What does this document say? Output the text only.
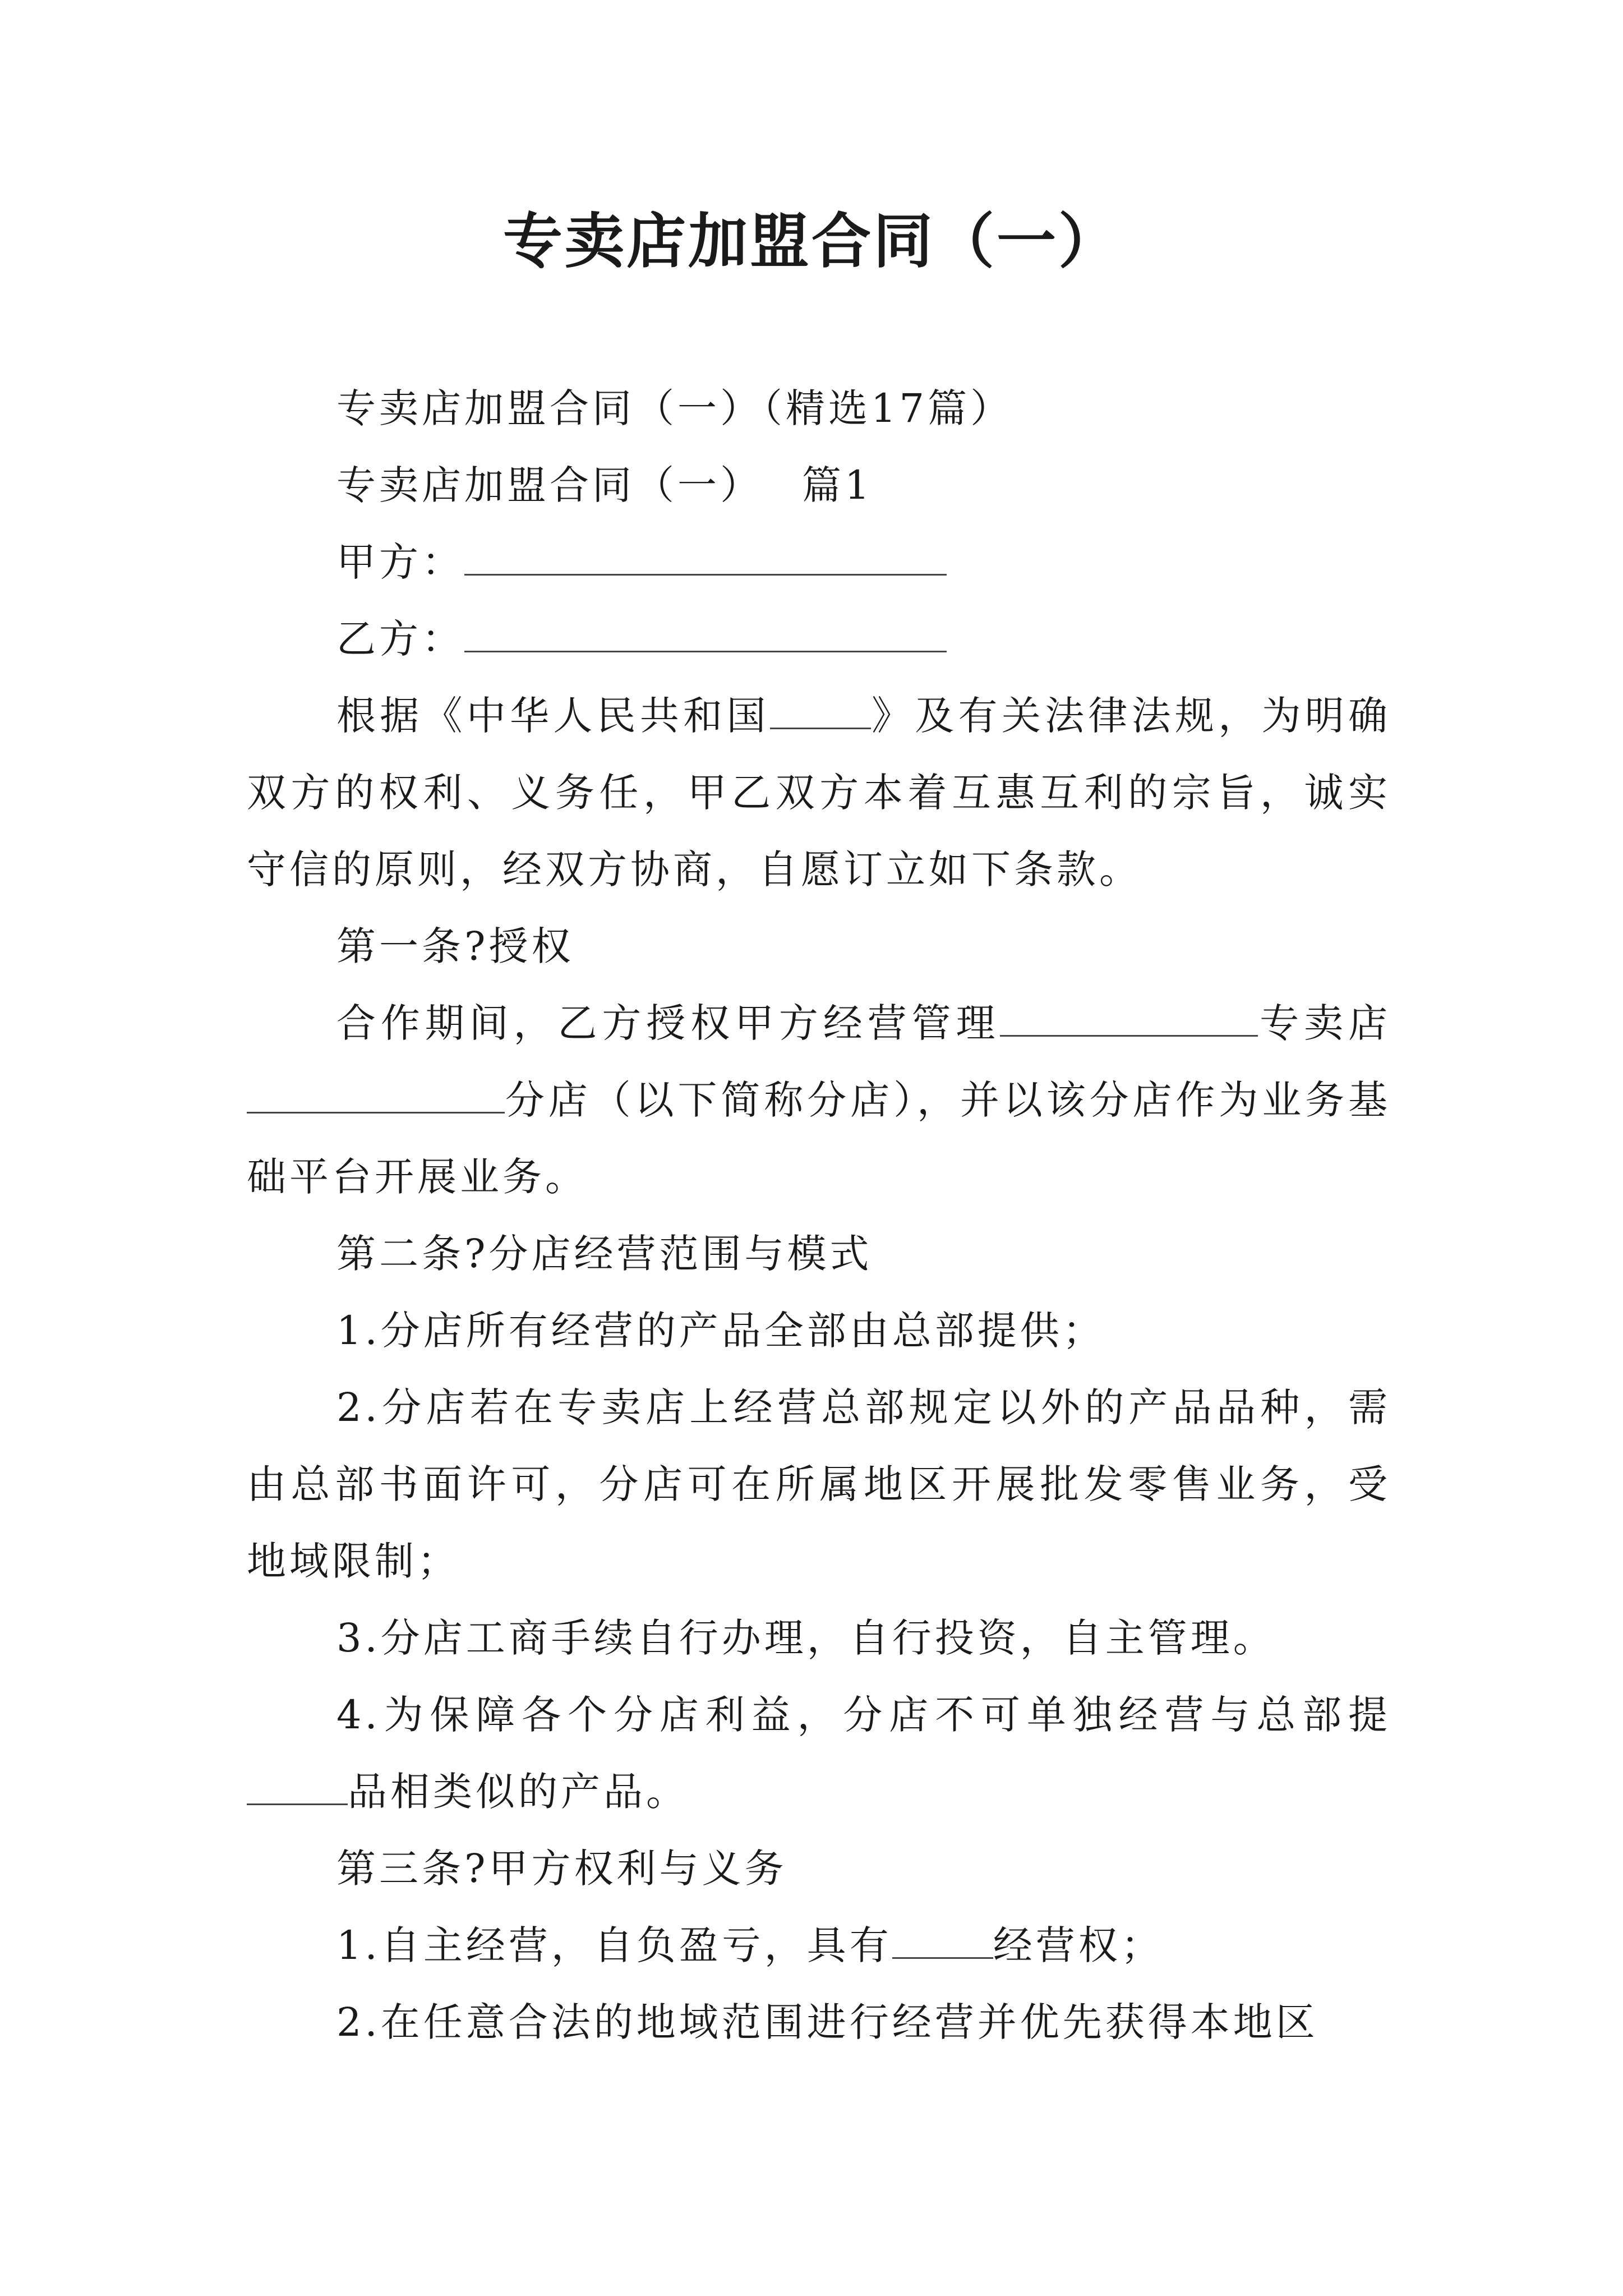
专卖店加盟合同（一）

专卖店加盟合同（一）（精选17篇）

专卖店加盟合同（一） 篇1

甲方：

乙方：

根据《中华人民共和国	》及有关法律法规，为明确双方的权利、义务任，甲乙双方本着互惠互利的宗旨，诚实守信的原则，经双方协商，自愿订立如下条款。

第一条?授权

合作期间，乙方授权甲方经营管理	专卖店分店（以下简称分店），并以该分店作为业务基础平台开展业务。

第二条?分店经营范围与模式

1.分店所有经营的产品全部由总部提供；

2.分店若在专卖店上经营总部规定以外的产品品种，需由总部书面许可，分店可在所属地区开展批发零售业务，受地域限制；

3.分店工商手续自行办理，自行投资，自主管理。

4.为保障各个分店利益，分店不可单独经营与总部提品相类似的产品。

第三条?甲方权利与义务

1.自主经营，自负盈亏，具有	经营权；

2.在任意合法的地域范围进行经营并优先获得本地区
